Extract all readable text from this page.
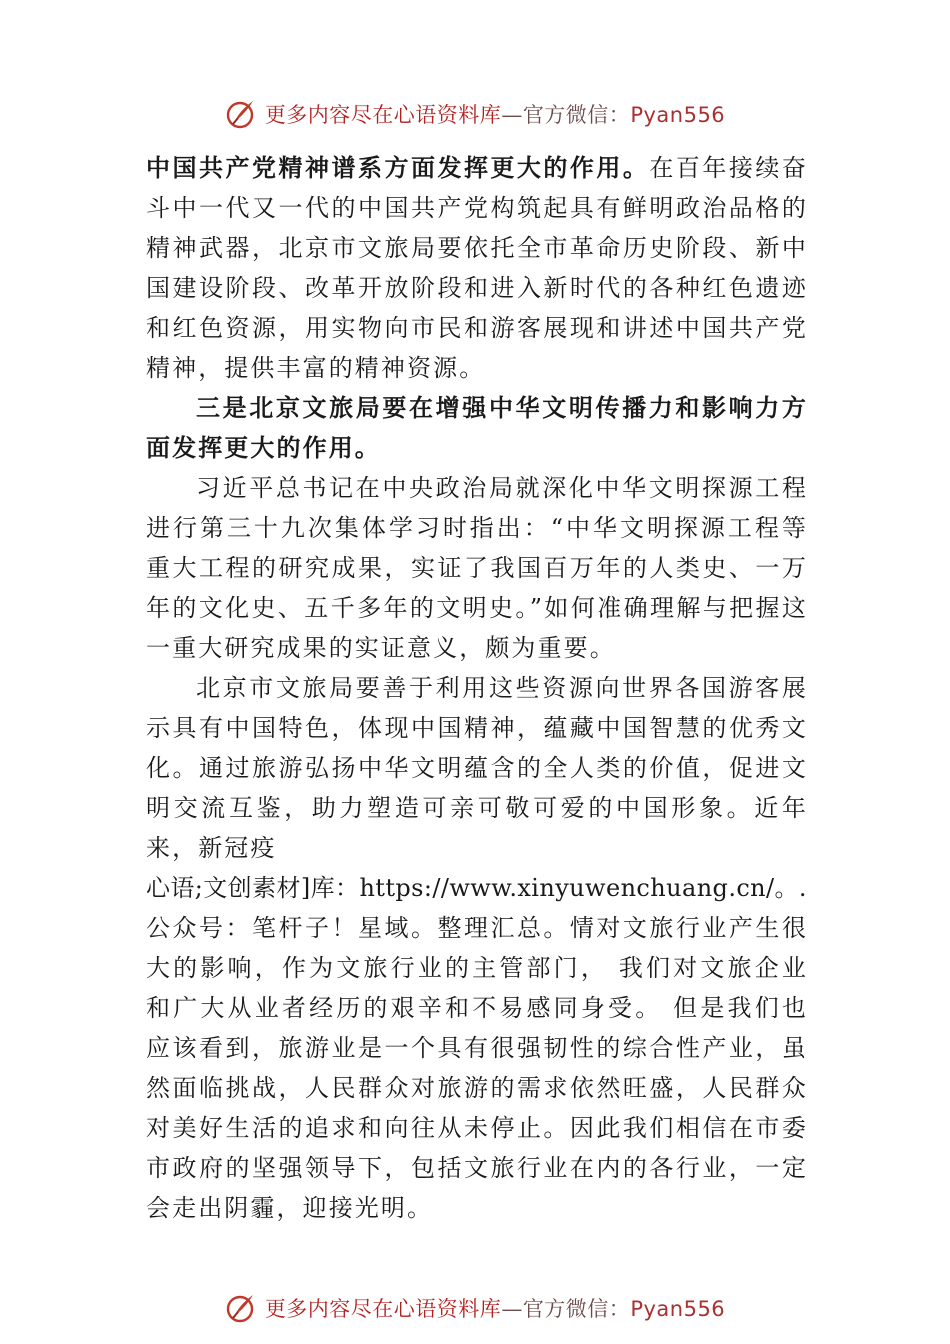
更多内容尽在心语资料库—官方微信：Pyan556

中国共产党精神谱系方面发挥更大的作用。在百年接续奋斗中一代又一代的中国共产党构筑起具有鲜明政治品格的精神武器，北京市文旅局要依托全市革命历史阶段、新中国建设阶段、改革开放阶段和进入新时代的各种红色遗迹和红色资源，用实物向市民和游客展现和讲述中国共产党精神，提供丰富的精神资源。

三是北京文旅局要在增强中华文明传播力和影响力方面发挥更大的作用。

习近平总书记在中央政治局就深化中华文明探源工程进行第三十九次集体学习时指出：“中华文明探源工程等重大工程的研究成果，实证了我国百万年的人类史、一万年的文化史、五千多年的文明史。”如何准确理解与把握这一重大研究成果的实证意义，颇为重要。

北京市文旅局要善于利用这些资源向世界各国游客展示具有中国特色，体现中国精神，蕴藏中国智慧的优秀文化。通过旅游弘扬中华文明蕴含的全人类的价值，促进文明交流互鉴，助力塑造可亲可敬可爱的中国形象。近年来，新冠疫

心语;文创素材]库：https://www.xinyuwenchuang.cn/。.

公众号：笔杆子！星域。整理汇总。情对文旅行业产生很大的影响，作为文旅行业的主管部门， 我们对文旅企业和广大从业者经历的艰辛和不易感同身受。 但是我们也应该看到，旅游业是一个具有很强韧性的综合性产业，虽然面临挑战，人民群众对旅游的需求依然旺盛，人民群众对美好生活的追求和向往从未停止。因此我们相信在市委市政府的坚强领导下，包括文旅行业在内的各行业，一定会走出阴霾，迎接光明。

更多内容尽在心语资料库—官方微信：Pyan556
